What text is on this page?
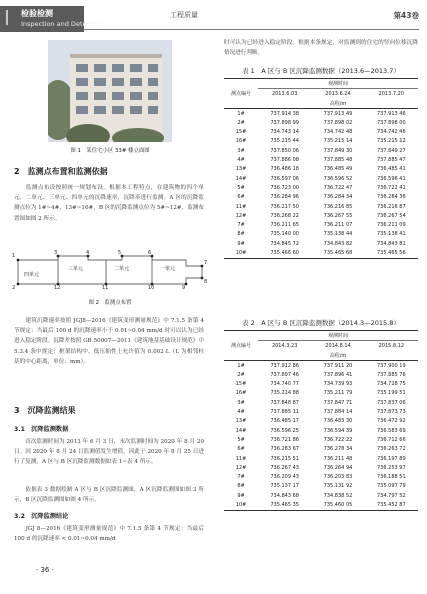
I 检验检测
Inspection and Detection
工程质量	第43卷
图 1　某住宅小区 33# 楼立面图
2　监测点布置和监测依据
　　监测点布设按照统一规划布设。根据本工程特点，在建筑物的四个单元、二单元、三单元、四单元的沉降速率，沉降率进行监测。A 区的沉降监测点位为 1#~4#，13#~16#，B 区的沉降监测点位为 5#~12#，监测布置图如图 2 所示。
四单元
三单元	二单元	一单元
1
2
3	4	5	6
7
8
9
10
11
12
图 2　监测点布置
　　建筑沉降速率按照 JGJ8—2016《建筑变形测量规范》中 7.1.5 条第 4 节规定：当最后 100 d 的沉降速率小于 0.01~0.04 mm/d 时可以认为已经进入稳定阶段。沉降差按照 GB 50007—2011《建筑地基基础设计规范》中 5.3.4 条中规定：框架结构中、低压缩性土允许值为 0.002 L（L 为相邻柱基的中心距离，单位：mm）。
3　沉降监测结果
3.1　沉降监测数据
　　首次监测时间为 2013 年 6 月 3 日，末次监测时间为 2020 年 8 月 20 日。因 2020 年 8 月 24 日监测值发生增值，因此于 2020 年 8 月 25 日进行了复测。A 区与 B 区沉降监测数据如表 1~表 4 所示。
　　依据表 3 数据绘制 A 区与 B 区沉降监测图，A 区沉降监测图如图 3 所示，B 区沉降监测图如图 4 所示。
3.2　沉降监测结论
　　JGJ 8—2016《建筑变形测量规范》中 7.1.5 条第 4 节规定：当最后 100 d 的沉降速率 < 0.01~0.04 mm/d
· 36 ·
时可认为已经进入稳定阶段。根据本条规定，对监测到的住宅的竖向位移沉降情况进行判断。
表 1　A 区与 B 区沉降监测数据（2013.6—2013.7）
测点编号	观测时间		
	2013.6.03	2013.6.24	2013.7.20
	高程/m		
1#	737.914 38	737.913 49	737.913 46
2#	737.898 99	737.898 02	737.898 00
15#	734.743 14	734.742 48	734.742 46
16#	735.215 44	735.215 14	735.215 12
3#	737.850 06	737.849 30	737.849 27
4#	737.886 08	737.885 48	737.885 47
13#	736.486 18	736.485 49	736.485 41
14#	736.597 06	736.596 52	736.596 41
5#	736.723 00	736.722 47	736.722 41
6#	736.284 96	736.284 34	736.284 36
11#	736.217 50	736.216 85	736.216 87
12#	736.268 22	736.267 55	736.267 54
7#	736.211 65	736.211 07	736.211 09
8#	735.140 00	735.138 44	735.138 41
9#	734.845 72	734.843 82	734.843 81
10#	735.466 60	735.465 68	735.465 56
表 2　A 区与 B 区沉降监测数据（2014.3—2015.8）
测点编号	观测时间		
	2014.3.23	2014.8.14	2015.8.12
	高程/m		
1#	737.912 86	737.911 20	737.900 19
2#	737.897 46	737.896 41	737.885 76
15#	734.740 77	734.739 93	734.728 75
16#	735.214 88	735.211 79	735.199 51
3#	737.848 87	737.847 71	737.837 06
4#	737.885 11	737.884 14	737.873 73
13#	736.485 17	736.483 30	736.472 92
14#	736.596 25	736.594 39	736.583 69
5#	736.721 86	736.722 22	736.712 66
6#	736.283 67	736.278 34	736.263 72
11#	736.215 51	736.211 48	736.197 89
12#	736.267 43	736.264 94	736.253 97
7#	736.209 43	736.203 83	736.188 51
8#	735.137 17	735.131 92	735.097 79
9#	734.843 68	734.838 52	734.797 52
10#	735.465 35	735.460 05	735.452 87
